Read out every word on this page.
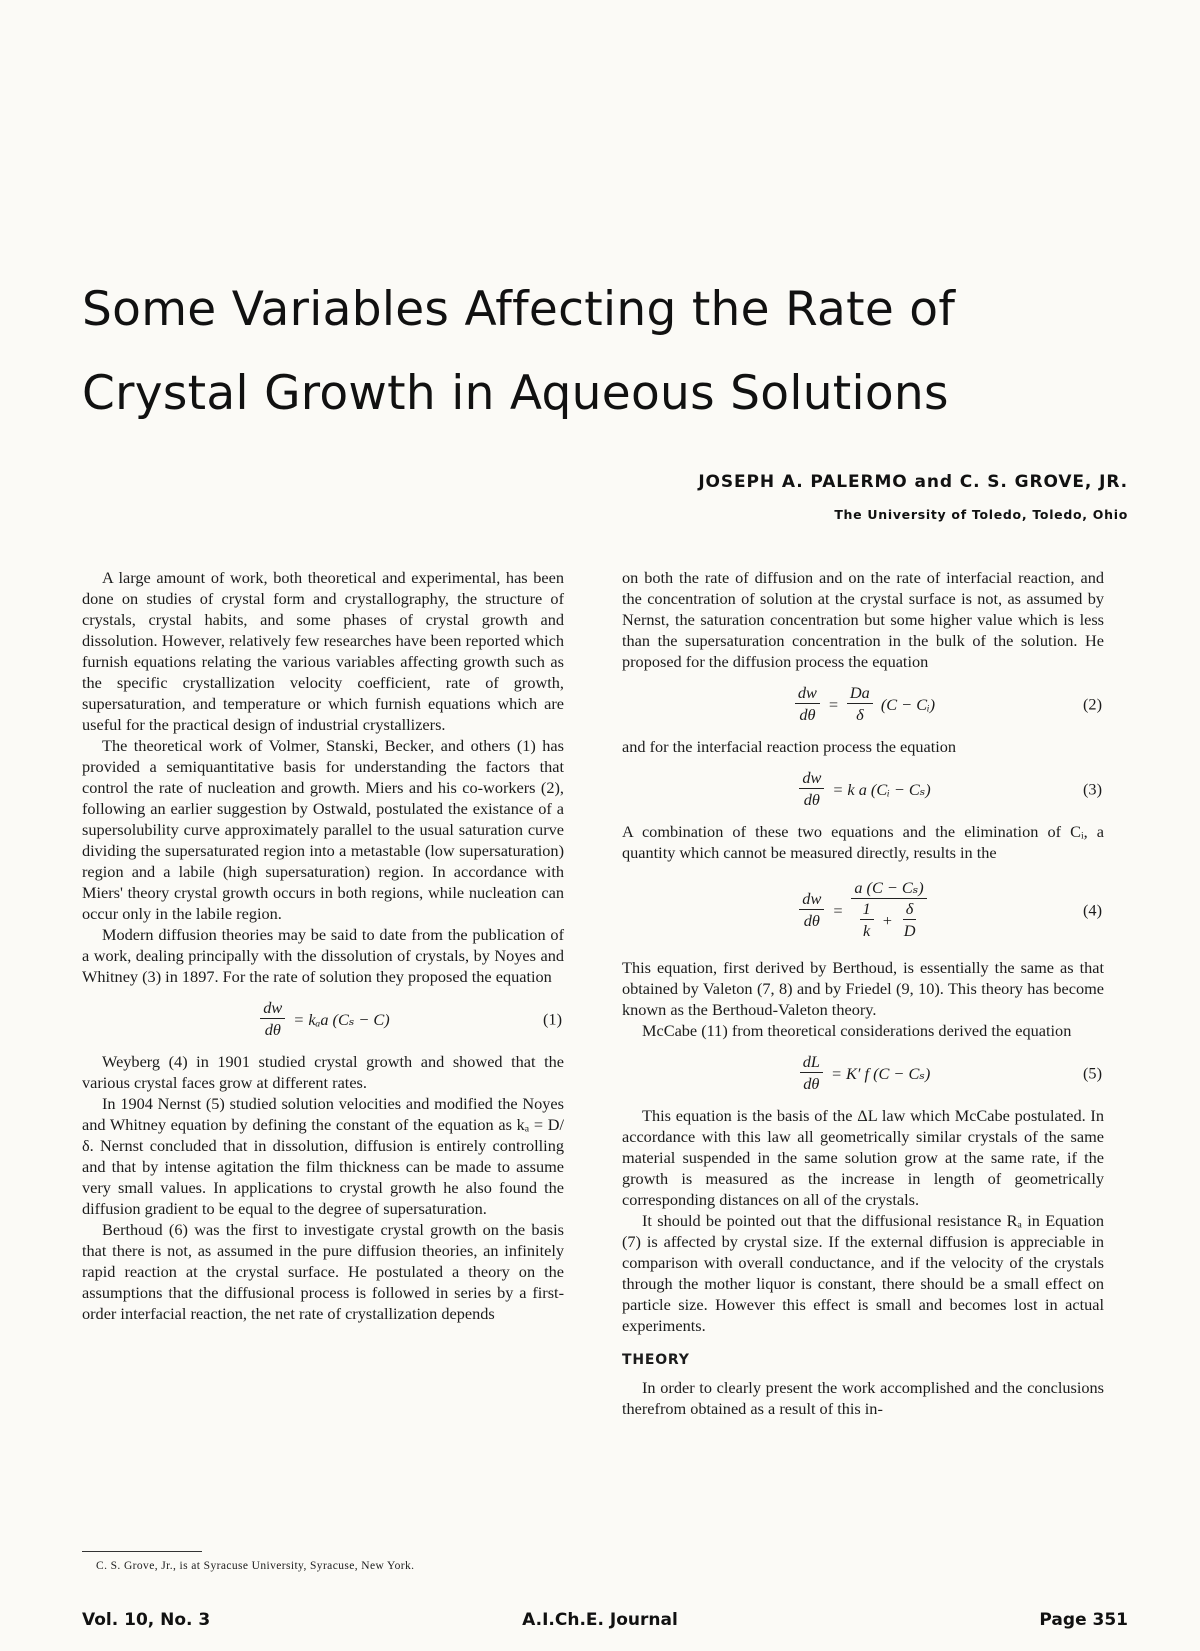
Some Variables Affecting the Rate of
Crystal Growth in Aqueous Solutions
JOSEPH A. PALERMO and C. S. GROVE, JR.
The University of Toledo, Toledo, Ohio

A large amount of work, both theoretical and experimental, has been done on studies of crystal form and crystallography, the structure of crystals, crystal habits, and some phases of crystal growth and dissolution. However, relatively few researches have been reported which furnish equations relating the various variables affecting growth such as the specific crystallization velocity coefficient, rate of growth, supersaturation, and temperature or which furnish equations which are useful for the practical design of industrial crystallizers.

The theoretical work of Volmer, Stanski, Becker, and others (1) has provided a semiquantitative basis for understanding the factors that control the rate of nucleation and growth. Miers and his co-workers (2), following an earlier suggestion by Ostwald, postulated the existance of a supersolubility curve approximately parallel to the usual saturation curve dividing the supersaturated region into a metastable (low supersaturation) region and a labile (high supersaturation) region. In accordance with Miers' theory crystal growth occurs in both regions, while nucleation can occur only in the labile region.

Modern diffusion theories may be said to date from the publication of a work, dealing principally with the dissolution of crystals, by Noyes and Whitney (3) in 1897. For the rate of solution they proposed the equation

$\frac{dw}{d\theta} = k_aa$ (Cₛ − C)	(1)

Weyberg (4) in 1901 studied crystal growth and showed that the various crystal faces grow at different rates.

In 1904 Nernst (5) studied solution velocities and modified the Noyes and Whitney equation by defining the constant of the equation as kₐ = D/δ. Nernst concluded that in dissolution, diffusion is entirely controlling and that by intense agitation the film thickness can be made to assume very small values. In applications to crystal growth he also found the diffusion gradient to be equal to the degree of supersaturation.

Berthoud (6) was the first to investigate crystal growth on the basis that there is not, as assumed in the pure diffusion theories, an infinitely rapid reaction at the crystal surface. He postulated a theory on the assumptions that the diffusional process is followed in series by a first-order interfacial reaction, the net rate of crystallization depends

on both the rate of diffusion and on the rate of interfacial reaction, and the concentration of solution at the crystal surface is not, as assumed by Nernst, the saturation concentration but some higher value which is less than the supersaturation concentration in the bulk of the solution. He proposed for the diffusion process the equation

$\frac{dw}{d\theta} = \frac{Da}{\delta} (C$ − Cᵢ)	(2)

and for the interfacial reaction process the equation

$\frac{dw}{d\theta} = k$ a (Cᵢ − Cₛ)	(3)

A combination of these two equations and the elimination of Cᵢ, a quantity which cannot be measured directly, results in the

$\frac{dw}{d\theta} = \frac{\text{a (C − Cₛ)}}{\frac{1}{k} + \frac{\delta}{D}}$	(4)

This equation, first derived by Berthoud, is essentially the same as that obtained by Valeton (7, 8) and by Friedel (9, 10). This theory has become known as the Berthoud-Valeton theory.

McCabe (11) from theoretical considerations derived the equation

$\frac{dL}{d\theta} = K'$ f (C − Cₛ)	(5)

This equation is the basis of the ΔL law which McCabe postulated. In accordance with this law all geometrically similar crystals of the same material suspended in the same solution grow at the same rate, if the growth is measured as the increase in length of geometrically corresponding distances on all of the crystals.

It should be pointed out that the diffusional resistance Rₐ in Equation (7) is affected by crystal size. If the external diffusion is appreciable in comparison with overall conductance, and if the velocity of the crystals through the mother liquor is constant, there should be a small effect on particle size. However this effect is small and becomes lost in actual experiments.

THEORY

In order to clearly present the work accomplished and the conclusions therefrom obtained as a result of this in-

C. S. Grove, Jr., is at Syracuse University, Syracuse, New York.
Vol. 10, No. 3	A.I.Ch.E. Journal	Page 351
